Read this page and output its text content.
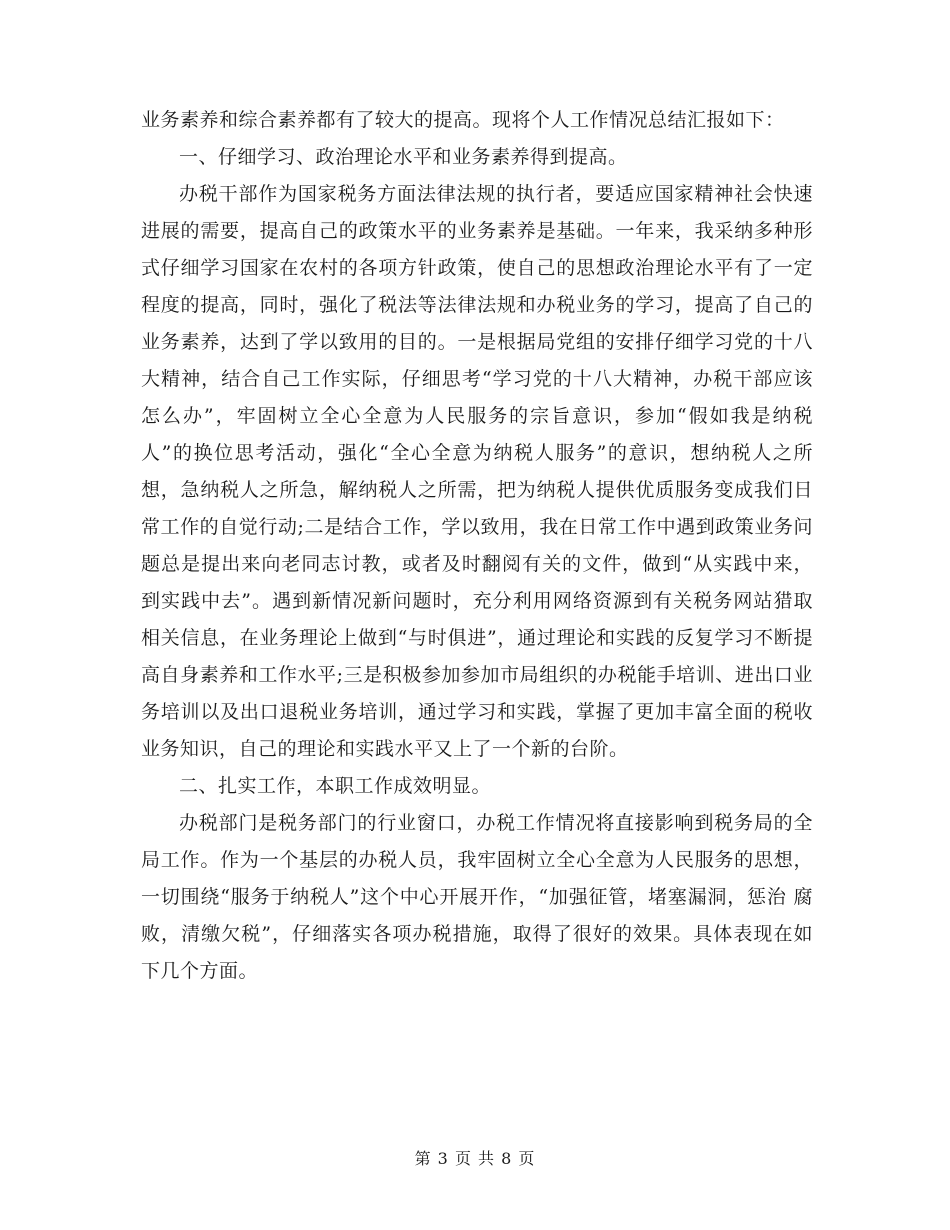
业务素养和综合素养都有了较大的提高。现将个人工作情况总结汇报如下：

一、仔细学习、政治理论水平和业务素养得到提高。

办税干部作为国家税务方面法律法规的执行者，要适应国家精神社会快速进展的需要，提高自己的政策水平的业务素养是基础。一年来，我采纳多种形式仔细学习国家在农村的各项方针政策，使自己的思想政治理论水平有了一定程度的提高，同时，强化了税法等法律法规和办税业务的学习，提高了自己的业务素养，达到了学以致用的目的。一是根据局党组的安排仔细学习党的十八大精神，结合自己工作实际，仔细思考“学习党的十八大精神，办税干部应该怎么办”，牢固树立全心全意为人民服务的宗旨意识，参加“假如我是纳税人”的换位思考活动，强化“全心全意为纳税人服务”的意识，想纳税人之所想，急纳税人之所急，解纳税人之所需，把为纳税人提供优质服务变成我们日常工作的自觉行动;二是结合工作，学以致用，我在日常工作中遇到政策业务问题总是提出来向老同志讨教，或者及时翻阅有关的文件，做到“从实践中来，到实践中去”。遇到新情况新问题时，充分利用网络资源到有关税务网站猎取相关信息，在业务理论上做到“与时俱进”，通过理论和实践的反复学习不断提高自身素养和工作水平;三是积极参加参加市局组织的办税能手培训、进出口业务培训以及出口退税业务培训，通过学习和实践，掌握了更加丰富全面的税收业务知识，自己的理论和实践水平又上了一个新的台阶。

二、扎实工作，本职工作成效明显。

办税部门是税务部门的行业窗口，办税工作情况将直接影响到税务局的全局工作。作为一个基层的办税人员，我牢固树立全心全意为人民服务的思想，一切围绕“服务于纳税人”这个中心开展开作，“加强征管，堵塞漏洞，惩治 腐 败，清缴欠税”，仔细落实各项办税措施，取得了很好的效果。具体表现在如下几个方面。

第 3 页 共 8 页
